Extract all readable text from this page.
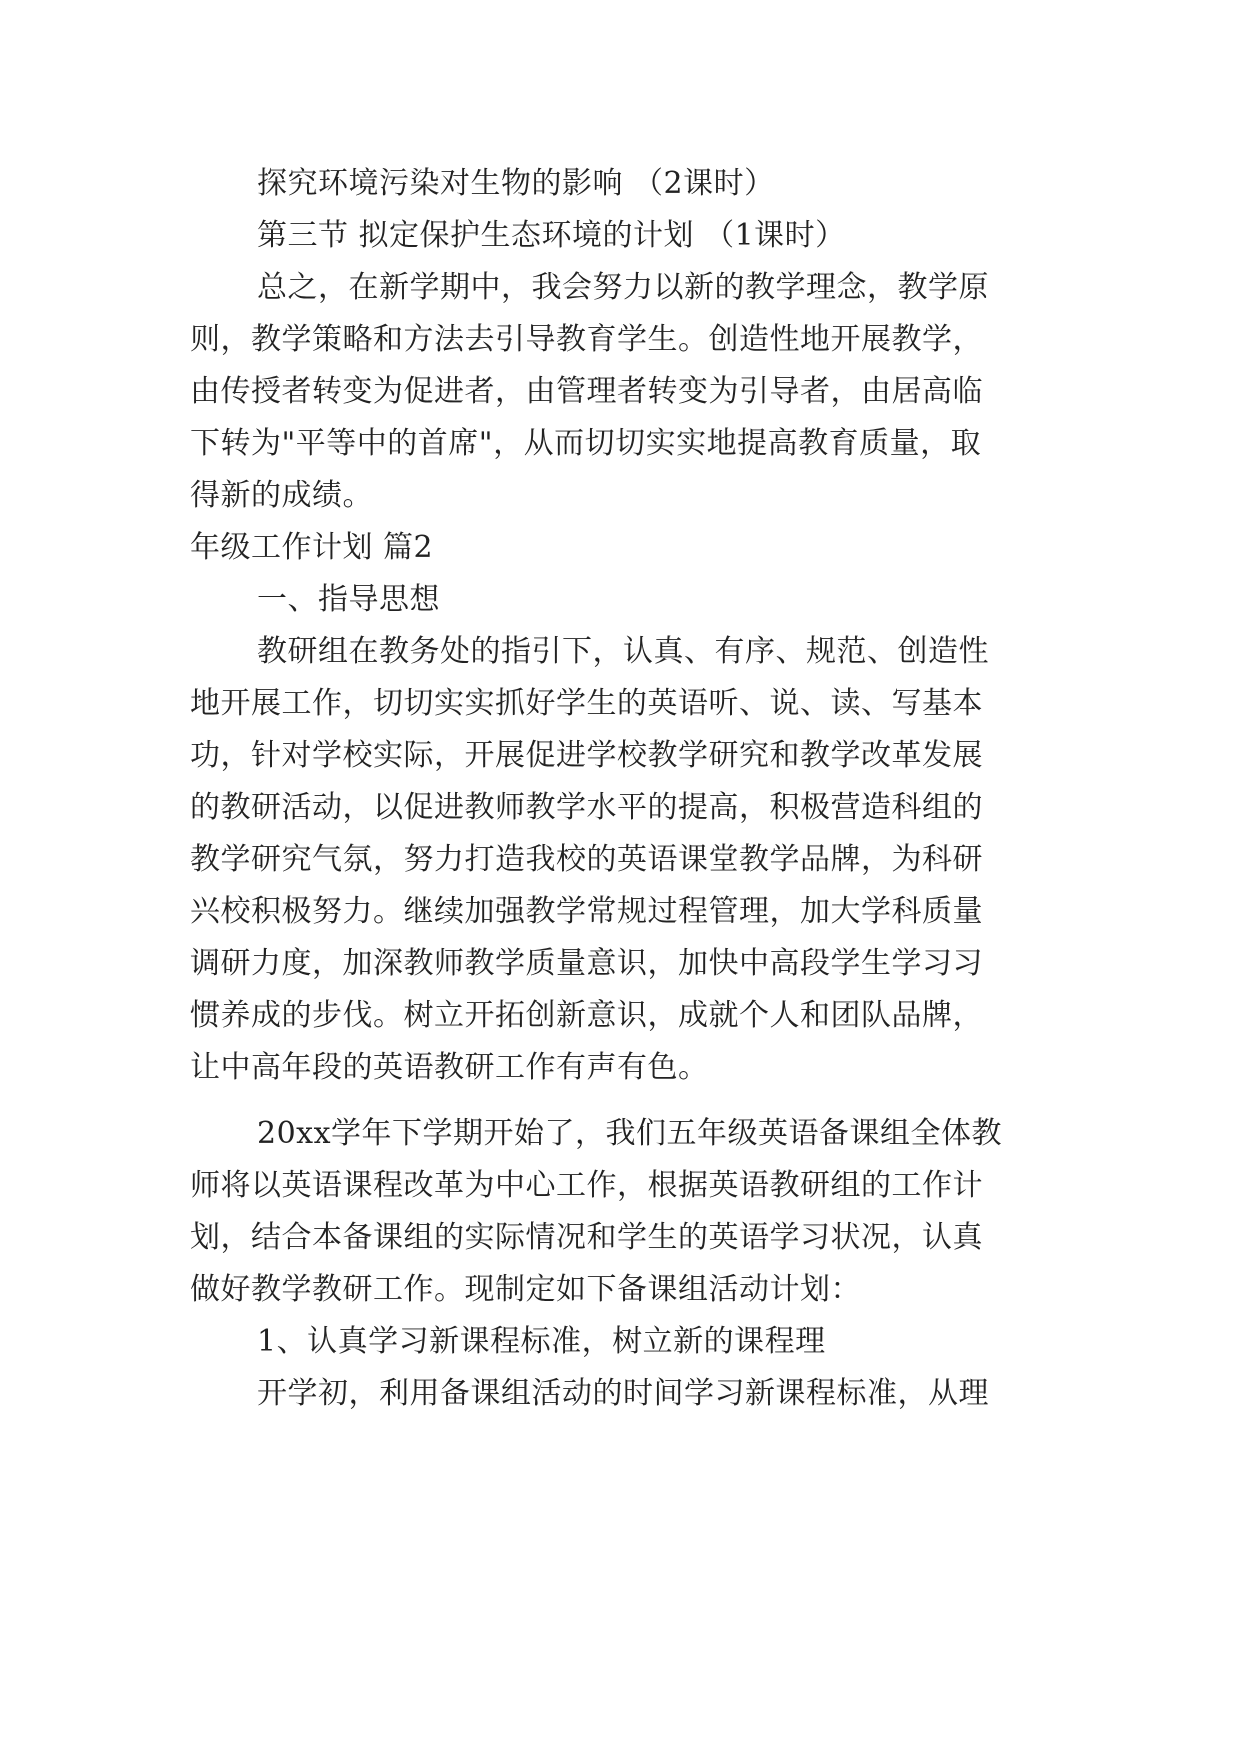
探究环境污染对生物的影响 （2课时）
第三节 拟定保护生态环境的计划 （1课时）
总之，在新学期中，我会努力以新的教学理念，教学原
则，教学策略和方法去引导教育学生。创造性地开展教学，
由传授者转变为促进者，由管理者转变为引导者，由居高临
下转为"平等中的首席"，从而切切实实地提高教育质量，取
得新的成绩。
年级工作计划 篇2
一、指导思想
教研组在教务处的指引下，认真、有序、规范、创造性
地开展工作，切切实实抓好学生的英语听、说、读、写基本
功，针对学校实际，开展促进学校教学研究和教学改革发展
的教研活动，以促进教师教学水平的提高，积极营造科组的
教学研究气氛，努力打造我校的英语课堂教学品牌，为科研
兴校积极努力。继续加强教学常规过程管理，加大学科质量
调研力度，加深教师教学质量意识，加快中高段学生学习习
惯养成的步伐。树立开拓创新意识，成就个人和团队品牌，
让中高年段的英语教研工作有声有色。
20xx学年下学期开始了，我们五年级英语备课组全体教
师将以英语课程改革为中心工作，根据英语教研组的工作计
划，结合本备课组的实际情况和学生的英语学习状况，认真
做好教学教研工作。现制定如下备课组活动计划：
1、认真学习新课程标准，树立新的课程理
开学初，利用备课组活动的时间学习新课程标准，从理
